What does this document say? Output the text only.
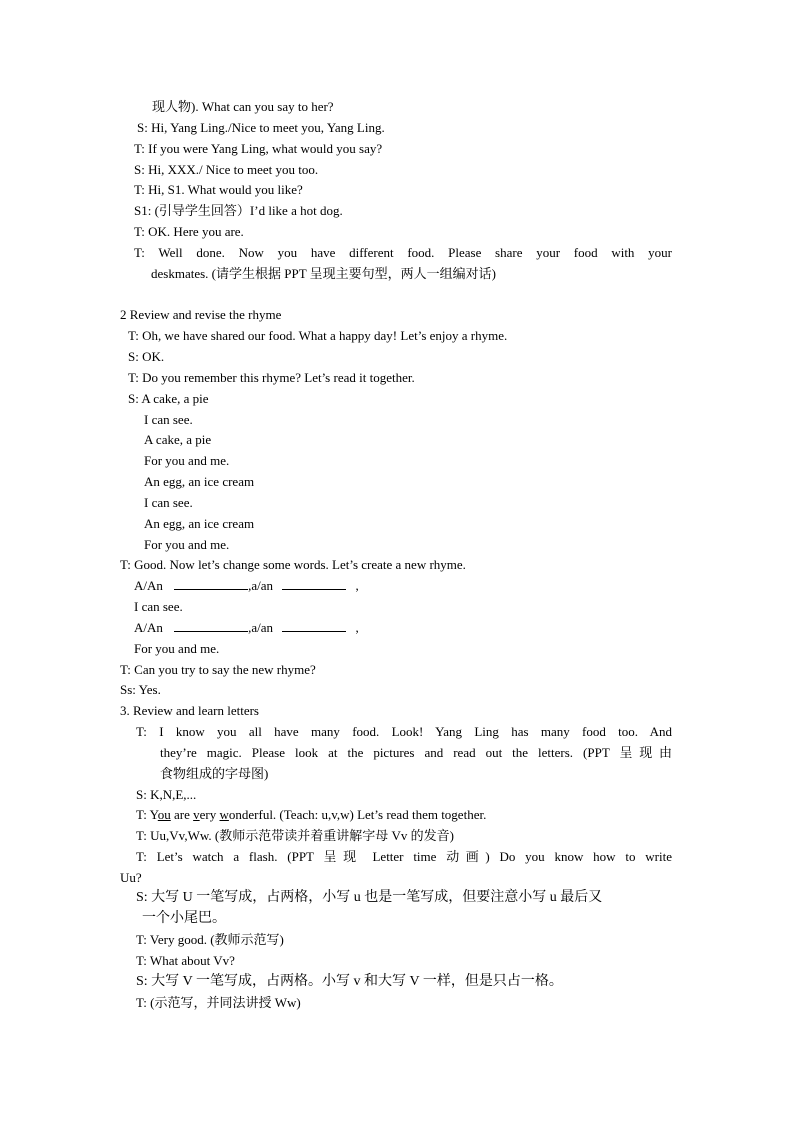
现人物). What can you say to her?
S: Hi, Yang Ling./Nice to meet you, Yang Ling.
T: If you were Yang Ling, what would you say?
S: Hi, XXX./ Nice to meet you too.
T: Hi, S1. What would you like?
S1: (引导学生回答）I’d like a hot dog.
T: OK. Here you are.
T: Well done. Now you have different food. Please share your food with your
deskmates. (请学生根据 PPT 呈现主要句型，两人一组编对话)
2 Review and revise the rhyme
T: Oh, we have shared our food. What a happy day! Let’s enjoy a rhyme.
S: OK.
T: Do you remember this rhyme? Let’s read it together.
S: A cake, a pie
I can see.
A cake, a pie
For you and me.
An egg, an ice cream
I can see.
An egg, an ice cream
For you and me.
T: Good. Now let’s change some words. Let’s create a new rhyme.
A/An	,a/an	,
I can see.
A/An	,a/an	,
For you and me.
T: Can you try to say the new rhyme?
Ss: Yes.
3. Review and learn letters
T: I know you all have many food. Look! Yang Ling has many food too. And
they’re magic. Please look at the pictures and read out the letters. (PPT 呈现由
食物组成的字母图)
S: K,N,E,...
T: You are very wonderful. (Teach: u,v,w) Let’s read them together.
T: Uu,Vv,Ww. (教师示范带读并着重讲解字母 Vv 的发音)
T: Let’s watch a flash. (PPT 呈现 Letter time 动画) Do you know how to write
Uu?
S: 大写 U 一笔写成，占两格，小写 u 也是一笔写成，但要注意小写 u 最后又
一个小尾巴。
T: Very good. (教师示范写)
T: What about Vv?
S: 大写 V 一笔写成，占两格。小写 v 和大写 V 一样，但是只占一格。
T: (示范写，并同法讲授 Ww)
